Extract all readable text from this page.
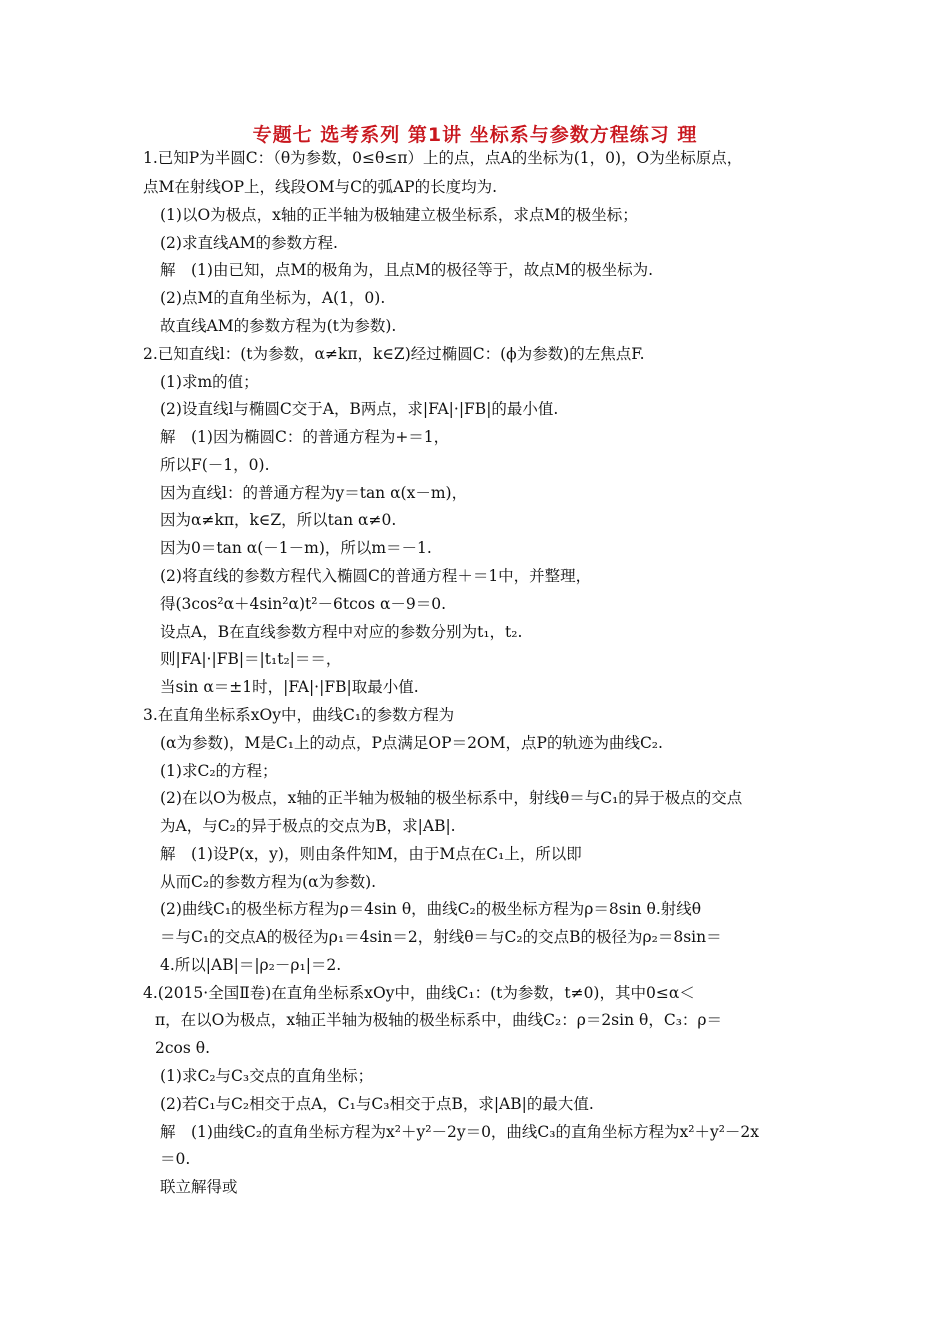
专题七 选考系列 第1讲 坐标系与参数方程练习 理
1.已知P为半圆C：（θ为参数，0≤θ≤π）上的点，点A的坐标为(1，0)，O为坐标原点，
点M在射线OP上，线段OM与C的弧AP的长度均为.
(1)以O为极点，x轴的正半轴为极轴建立极坐标系，求点M的极坐标；
(2)求直线AM的参数方程.
解　(1)由已知，点M的极角为，且点M的极径等于，故点M的极坐标为.
(2)点M的直角坐标为，A(1，0).
故直线AM的参数方程为(t为参数).
2.已知直线l：(t为参数，α≠kπ，k∈Z)经过椭圆C：(ϕ为参数)的左焦点F.
(1)求m的值；
(2)设直线l与椭圆C交于A，B两点，求|FA|·|FB|的最小值.
解　(1)因为椭圆C：的普通方程为+＝1，
所以F(－1，0).
因为直线l：的普通方程为y＝tan α(x－m)，
因为α≠kπ，k∈Z，所以tan α≠0.
因为0＝tan α(－1－m)，所以m＝－1.
(2)将直线的参数方程代入椭圆C的普通方程＋＝1中，并整理，
得(3cos²α＋4sin²α)t²－6tcos α－9＝0.
设点A，B在直线参数方程中对应的参数分别为t₁，t₂.
则|FA|·|FB|＝|t₁t₂|＝＝，
当sin α＝±1时，|FA|·|FB|取最小值.
3.在直角坐标系xOy中，曲线C₁的参数方程为
(α为参数)，M是C₁上的动点，P点满足OP＝2OM，点P的轨迹为曲线C₂.
(1)求C₂的方程；
(2)在以O为极点，x轴的正半轴为极轴的极坐标系中，射线θ＝与C₁的异于极点的交点
为A，与C₂的异于极点的交点为B，求|AB|.
解　(1)设P(x，y)，则由条件知M，由于M点在C₁上，所以即
从而C₂的参数方程为(α为参数).
(2)曲线C₁的极坐标方程为ρ＝4sin θ，曲线C₂的极坐标方程为ρ＝8sin θ.射线θ
＝与C₁的交点A的极径为ρ₁＝4sin＝2，射线θ＝与C₂的交点B的极径为ρ₂＝8sin＝
4.所以|AB|＝|ρ₂－ρ₁|＝2.
4.(2015·全国Ⅱ卷)在直角坐标系xOy中，曲线C₁：(t为参数，t≠0)，其中0≤α＜
π，在以O为极点，x轴正半轴为极轴的极坐标系中，曲线C₂：ρ＝2sin θ，C₃：ρ＝
2cos θ.
(1)求C₂与C₃交点的直角坐标；
(2)若C₁与C₂相交于点A，C₁与C₃相交于点B，求|AB|的最大值.
解　(1)曲线C₂的直角坐标方程为x²＋y²－2y＝0，曲线C₃的直角坐标方程为x²＋y²－2x
＝0.
联立解得或
